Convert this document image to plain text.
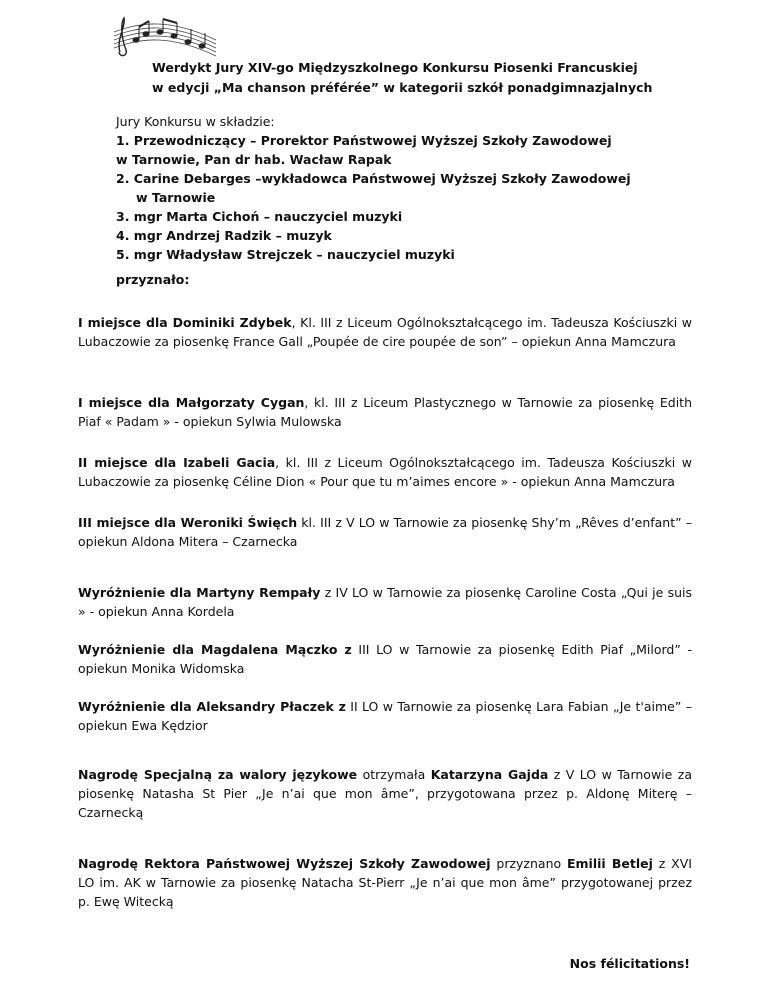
Werdykt Jury XIV-go Międzyszkolnego Konkursu Piosenki Francuskiej
w edycji „Ma chanson préférée” w kategorii szkół ponadgimnazjalnych
Jury Konkursu w składzie:
1. Przewodniczący – Prorektor Państwowej Wyższej Szkoły Zawodowej
w Tarnowie, Pan dr hab. Wacław Rapak
2. Carine Debarges –wykładowca Państwowej Wyższej Szkoły Zawodowej
w Tarnowie
3. mgr Marta Cichoń – nauczyciel muzyki
4. mgr Andrzej Radzik – muzyk
5. mgr Władysław Strejczek – nauczyciel muzyki
przyznało:
I miejsce dla Dominiki Zdybek, Kl. III z Liceum Ogólnokształcącego im. Tadeusza Kościuszki w Lubaczowie za piosenkę France Gall „Poupée de cire poupée de son” – opiekun Anna Mamczura
I miejsce dla Małgorzaty Cygan, kl. III z Liceum Plastycznego w Tarnowie za piosenkę Edith Piaf « Padam » - opiekun Sylwia Mulowska
II miejsce dla Izabeli Gacia, kl. III z Liceum Ogólnokształcącego im. Tadeusza Kościuszki w Lubaczowie za piosenkę Céline Dion « Pour que tu m’aimes encore » - opiekun Anna Mamczura
III miejsce dla Weroniki Święch kl. III z V LO w Tarnowie za piosenkę Shy’m „Rêves d’enfant” – opiekun Aldona Mitera – Czarnecka
Wyróżnienie dla Martyny Rempały z IV LO w Tarnowie za piosenkę Caroline Costa „Qui je suis » - opiekun Anna Kordela
Wyróżnienie dla Magdalena Mączko z III LO w Tarnowie za piosenkę Edith Piaf „Milord” - opiekun Monika Widomska
Wyróżnienie dla Aleksandry Płaczek z II LO w Tarnowie za piosenkę Lara Fabian „Je t'aime” – opiekun Ewa Kędzior
Nagrodę Specjalną za walory językowe otrzymała Katarzyna Gajda z V LO w Tarnowie za piosenkę Natasha St Pier „Je n’ai que mon âme”, przygotowana przez p. Aldonę Miterę – Czarnecką
Nagrodę Rektora Państwowej Wyższej Szkoły Zawodowej przyznano Emilii Betlej z XVI LO im. AK w Tarnowie za piosenkę Natacha St-Pierr „Je n’ai que mon âme” przygotowanej przez p. Ewę Witecką
Nos félicitations!
